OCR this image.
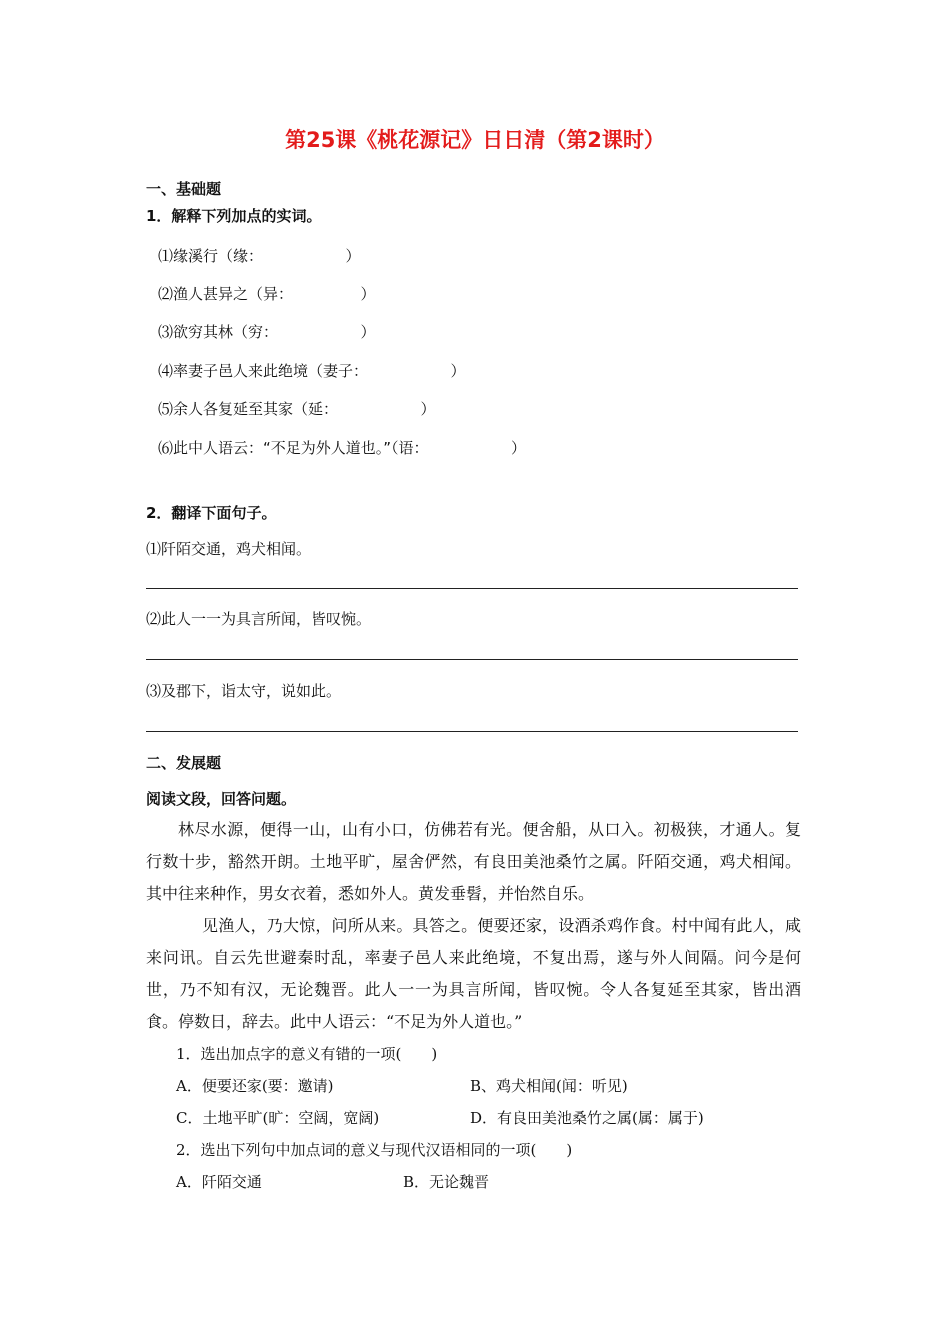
第25课《桃花源记》日日清（第2课时）
一、基础题
1．解释下列加点的实词。
⑴缘溪行（缘：　　　　　　）
⑵渔人甚异之（异：　　　　　）
⑶欲穷其林（穷：　　　　　　）
⑷率妻子邑人来此绝境（妻子：　　　　　　）
⑸余人各复延至其家（延：　　　　　　）
⑹此中人语云：“不足为外人道也。”（语：　　　　　　）
2．翻译下面句子。
⑴阡陌交通，鸡犬相闻。
⑵此人一一为具言所闻，皆叹惋。
⑶及郡下，诣太守，说如此。
二、发展题
阅读文段，回答问题。
林尽水源，便得一山，山有小口，仿佛若有光。便舍船，从口入。初极狭，才通人。复行数十步，豁然开朗。土地平旷，屋舍俨然，有良田美池桑竹之属。阡陌交通，鸡犬相闻。其中往来种作，男女衣着，悉如外人。黄发垂髫，并怡然自乐。
见渔人，乃大惊，问所从来。具答之。便要还家，设酒杀鸡作食。村中闻有此人，咸来问讯。自云先世避秦时乱，率妻子邑人来此绝境，不复出焉，遂与外人间隔。问今是何世，乃不知有汉，无论魏晋。此人一一为具言所闻，皆叹惋。令人各复延至其家，皆出酒食。停数日，辞去。此中人语云：“不足为外人道也。”
1．选出加点字的意义有错的一项(　　)
A．便要还家(要：邀请)	B、鸡犬相闻(闻：听见)
C．土地平旷(旷：空阔，宽阔)	D．有良田美池桑竹之属(属：属于)
2．选出下列句中加点词的意义与现代汉语相同的一项(　　)
A．阡陌交通	B．无论魏晋
